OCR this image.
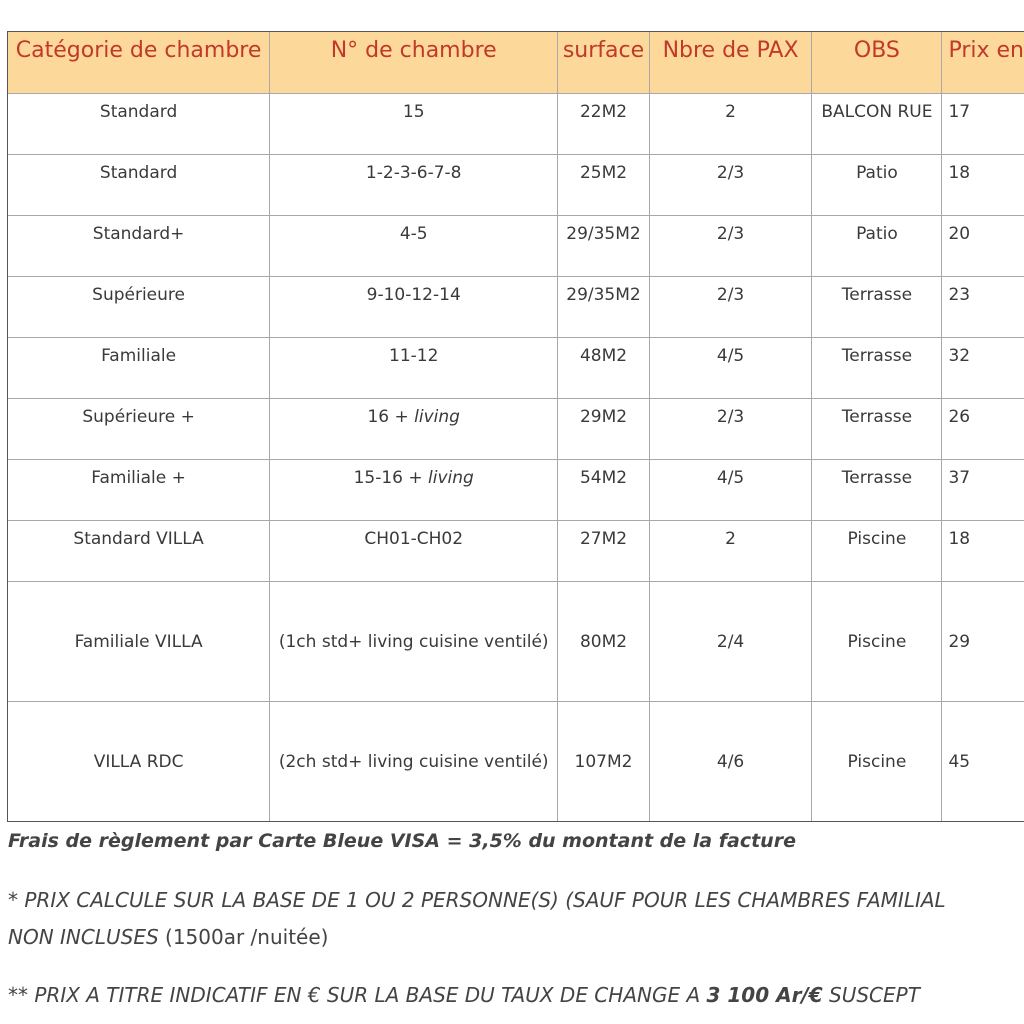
Catégorie de chambre	N° de chambre	surface	Nbre de PAX	OBS	Prix en
Standard	15	22M2	2	BALCON RUE	17
Standard	1-2-3-6-7-8	25M2	2/3	Patio	18
Standard+	4-5	29/35M2	2/3	Patio	20
Supérieure	9-10-12-14	29/35M2	2/3	Terrasse	23
Familiale	11-12	48M2	4/5	Terrasse	32
Supérieure +	16 + living	29M2	2/3	Terrasse	26
Familiale +	15-16 + living	54M2	4/5	Terrasse	37
Standard VILLA	CH01-CH02	27M2	2	Piscine	18
Familiale VILLA	(1ch std+ living cuisine ventilé)	80M2	2/4	Piscine	29
VILLA RDC	(2ch std+ living cuisine ventilé)	107M2	4/6	Piscine	45
Frais de règlement par Carte Bleue VISA = 3,5% du montant de la facture
* PRIX CALCULE SUR LA BASE DE 1 OU 2 PERSONNE(S) (SAUF POUR LES CHAMBRES FAMILIAL
NON INCLUSES (1500ar /nuitée)
** PRIX A TITRE INDICATIF EN € SUR LA BASE DU TAUX DE CHANGE A 3 100 Ar/€ SUSCEPT
